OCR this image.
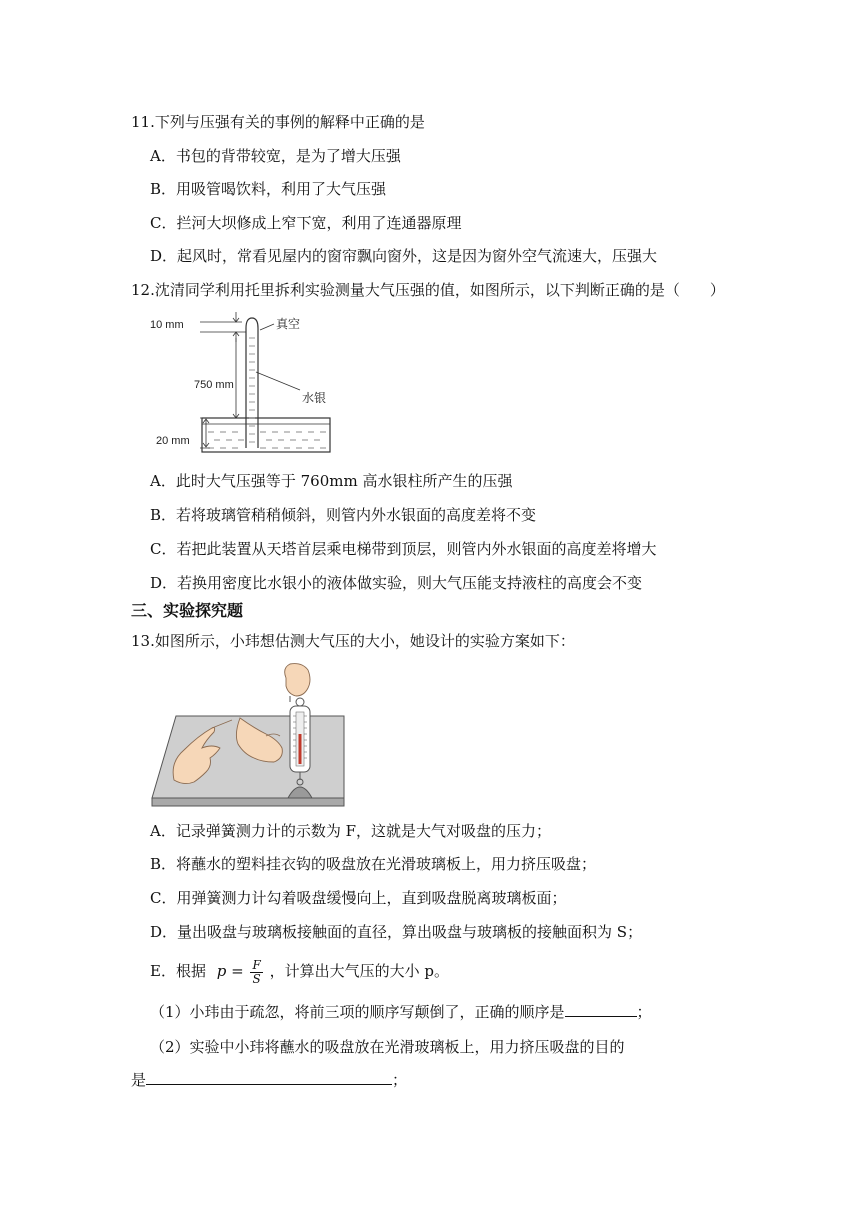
11.下列与压强有关的事例的解释中正确的是
A．书包的背带较宽，是为了增大压强
B．用吸管喝饮料，利用了大气压强
C．拦河大坝修成上窄下宽，利用了连通器原理
D．起风时，常看见屋内的窗帘飘向窗外，这是因为窗外空气流速大，压强大
12.沈清同学利用托里拆利实验测量大气压强的值，如图所示，以下判断正确的是（　　）
10 mm	真空
750 mm
水银
20 mm
A．此时大气压强等于 760mm 高水银柱所产生的压强
B．若将玻璃管稍稍倾斜，则管内外水银面的高度差将不变
C．若把此装置从天塔首层乘电梯带到顶层，则管内外水银面的高度差将增大
D．若换用密度比水银小的液体做实验，则大气压能支持液柱的高度会不变
三、实验探究题
13.如图所示，小玮想估测大气压的大小，她设计的实验方案如下：
A．记录弹簧测力计的示数为 F，这就是大气对吸盘的压力；
B．将蘸水的塑料挂衣钩的吸盘放在光滑玻璃板上，用力挤压吸盘；
C．用弹簧测力计勾着吸盘缓慢向上，直到吸盘脱离玻璃板面；
D．量出吸盘与玻璃板接触面的直径，算出吸盘与玻璃板的接触面积为 S；
E．根据 $p = \frac{F}{S}$ ，计算出大气压的大小 p。
（1）小玮由于疏忽，将前三项的顺序写颠倒了，正确的顺序是	；
（2）实验中小玮将蘸水的吸盘放在光滑玻璃板上，用力挤压吸盘的目的
是	；
